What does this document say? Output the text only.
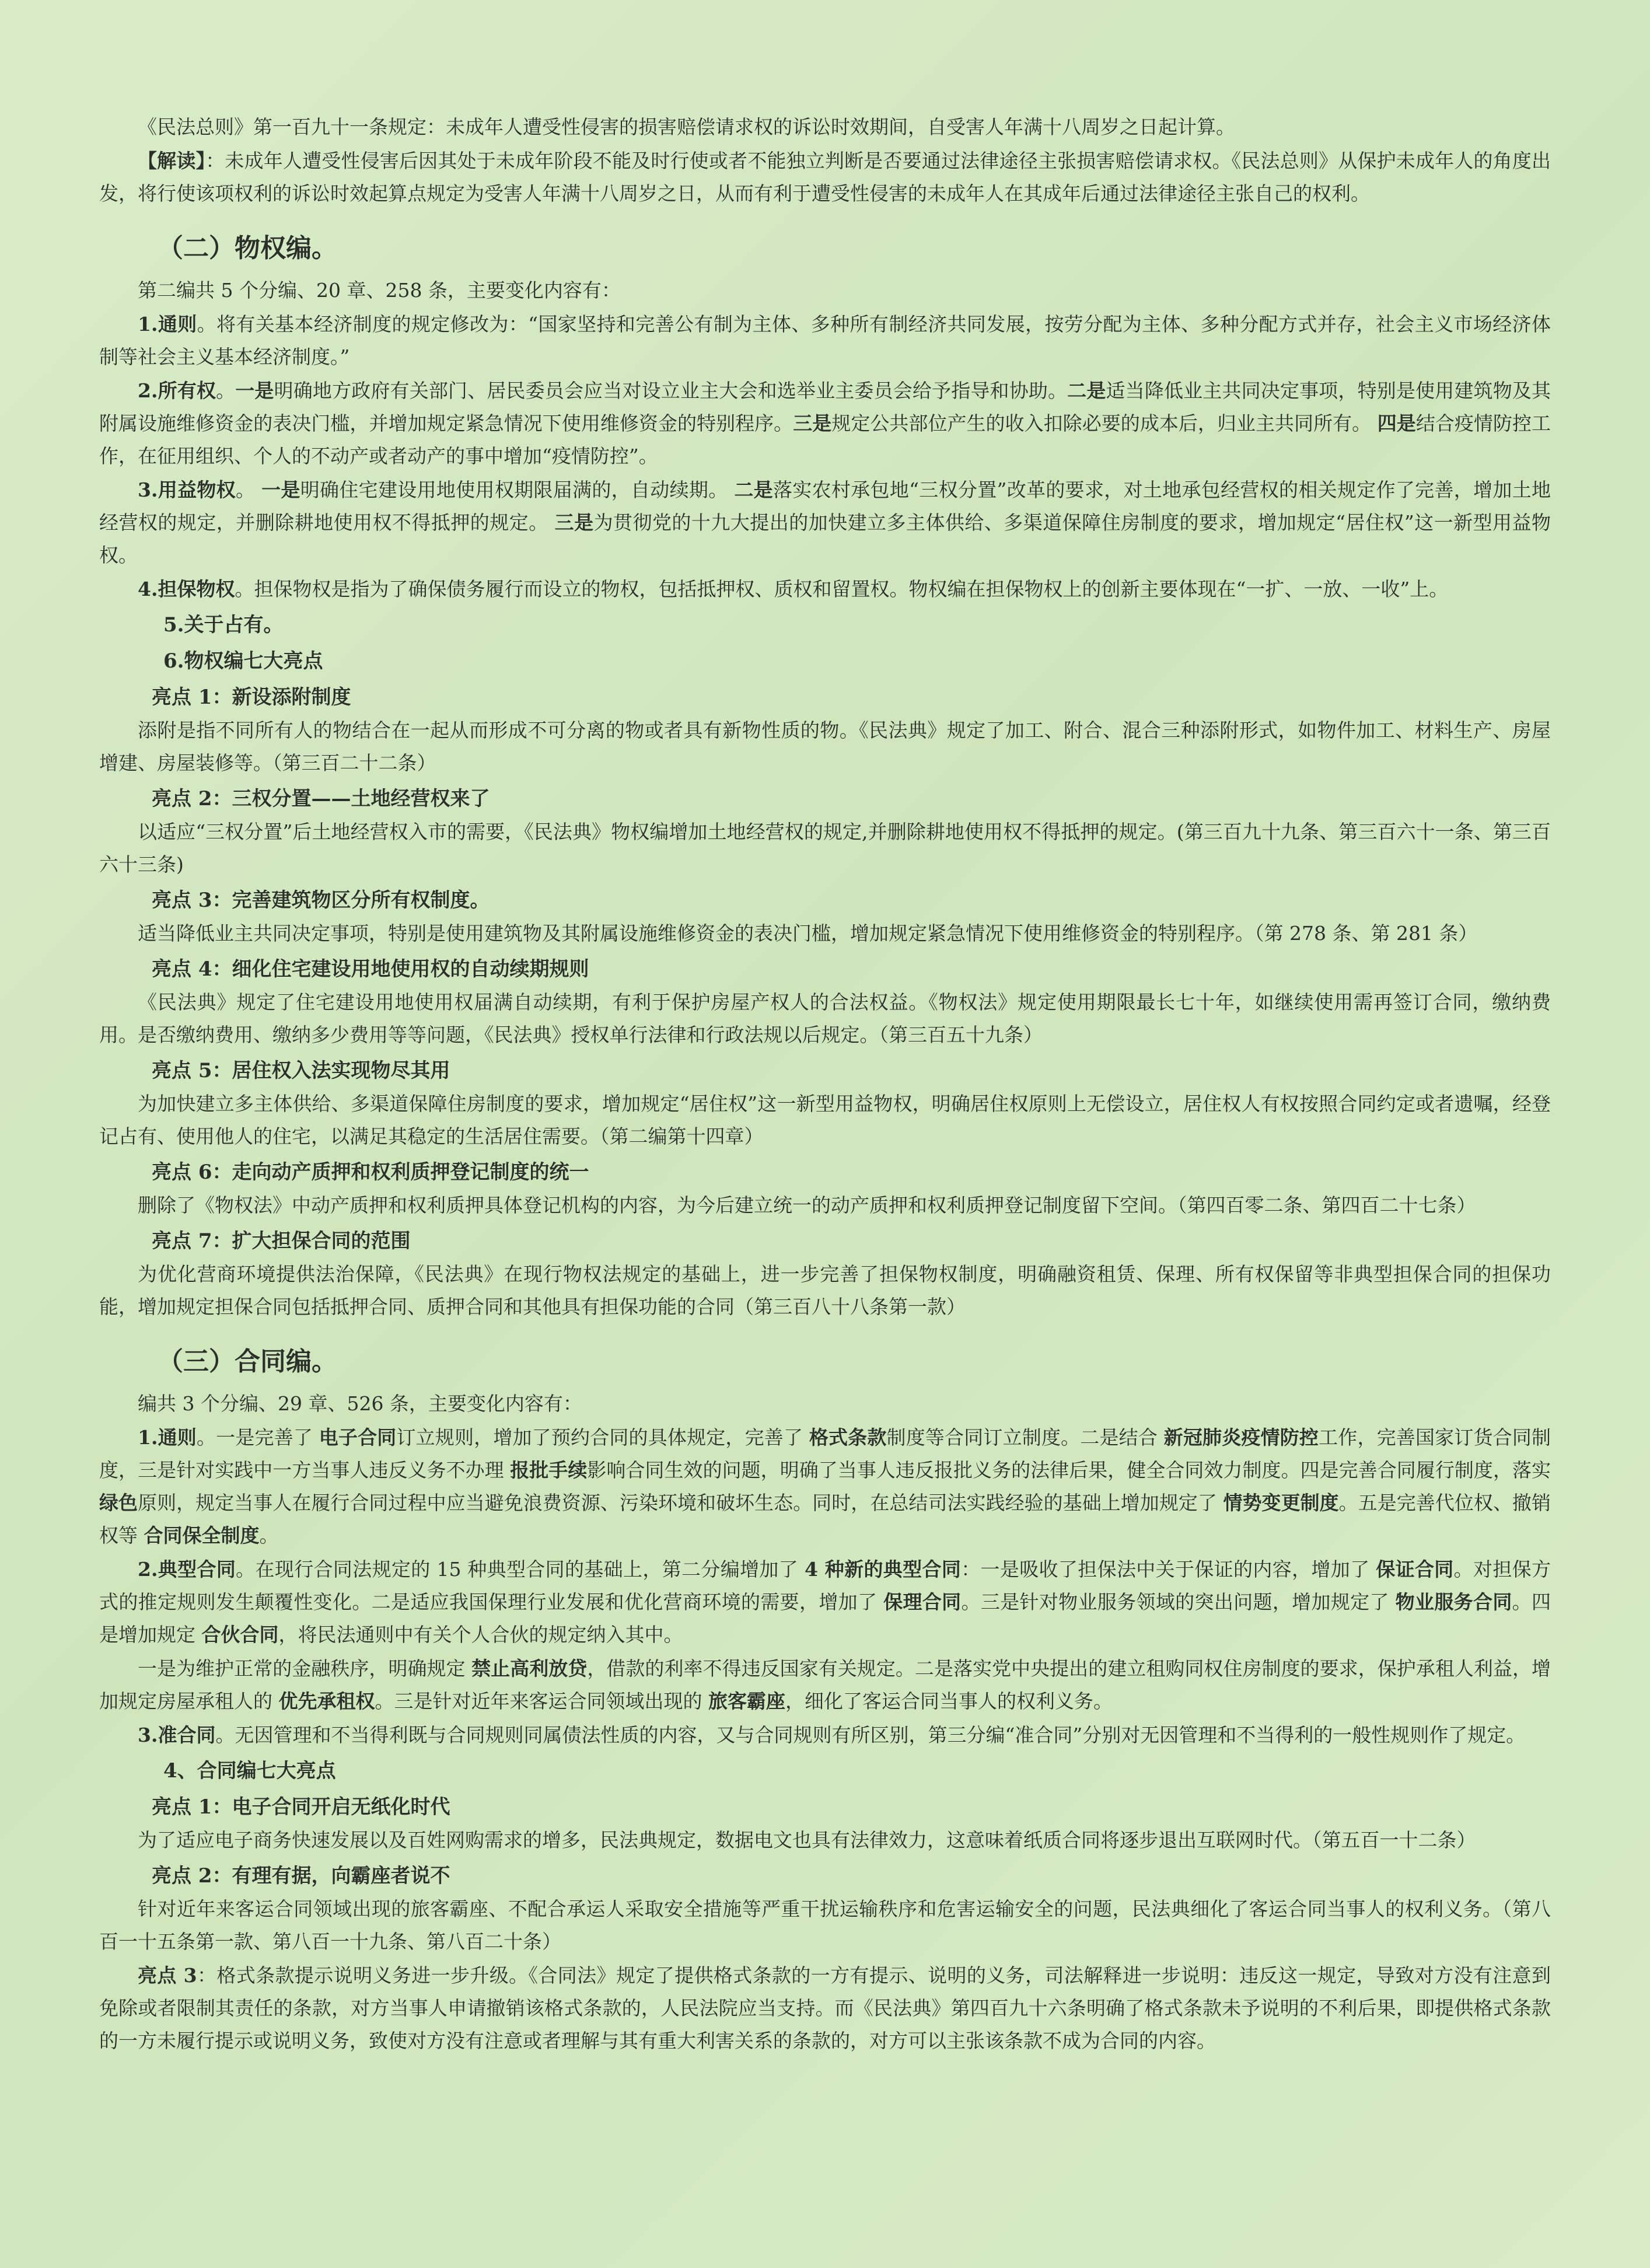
《民法总则》第一百九十一条规定：未成年人遭受性侵害的损害赔偿请求权的诉讼时效期间，自受害人年满十八周岁之日起计算。

【解读】：未成年人遭受性侵害后因其处于未成年阶段不能及时行使或者不能独立判断是否要通过法律途径主张损害赔偿请求权。《民法总则》从保护未成年人的角度出发，将行使该项权利的诉讼时效起算点规定为受害人年满十八周岁之日，从而有利于遭受性侵害的未成年人在其成年后通过法律途径主张自己的权利。

（二）物权编。

第二编共 5 个分编、20 章、258 条，主要变化内容有：

1.通则。将有关基本经济制度的规定修改为：“国家坚持和完善公有制为主体、多种所有制经济共同发展，按劳分配为主体、多种分配方式并存，社会主义市场经济体制等社会主义基本经济制度。”

2.所有权。一是明确地方政府有关部门、居民委员会应当对设立业主大会和选举业主委员会给予指导和协助。二是适当降低业主共同决定事项，特别是使用建筑物及其附属设施维修资金的表决门槛，并增加规定紧急情况下使用维修资金的特别程序。三是规定公共部位产生的收入扣除必要的成本后，归业主共同所有。 四是结合疫情防控工作，在征用组织、个人的不动产或者动产的事中增加“疫情防控”。

3.用益物权。 一是明确住宅建设用地使用权期限届满的，自动续期。 二是落实农村承包地“三权分置”改革的要求，对土地承包经营权的相关规定作了完善，增加土地经营权的规定，并删除耕地使用权不得抵押的规定。 三是为贯彻党的十九大提出的加快建立多主体供给、多渠道保障住房制度的要求，增加规定“居住权”这一新型用益物权。

4.担保物权。担保物权是指为了确保债务履行而设立的物权，包括抵押权、质权和留置权。物权编在担保物权上的创新主要体现在“一扩、一放、一收”上。

5.关于占有。
6.物权编七大亮点
亮点 1：新设添附制度

添附是指不同所有人的物结合在一起从而形成不可分离的物或者具有新物性质的物。《民法典》规定了加工、附合、混合三种添附形式，如物件加工、材料生产、房屋增建、房屋装修等。（第三百二十二条）

亮点 2：三权分置——土地经营权来了

以适应“三权分置”后土地经营权入市的需要，《民法典》物权编增加土地经营权的规定,并删除耕地使用权不得抵押的规定。(第三百九十九条、第三百六十一条、第三百六十三条)

亮点 3：完善建筑物区分所有权制度。

适当降低业主共同决定事项，特别是使用建筑物及其附属设施维修资金的表决门槛，增加规定紧急情况下使用维修资金的特别程序。（第 278 条、第 281 条）

亮点 4：细化住宅建设用地使用权的自动续期规则

《民法典》规定了住宅建设用地使用权届满自动续期，有利于保护房屋产权人的合法权益。《物权法》规定使用期限最长七十年，如继续使用需再签订合同，缴纳费用。是否缴纳费用、缴纳多少费用等等问题，《民法典》授权单行法律和行政法规以后规定。（第三百五十九条）

亮点 5：居住权入法实现物尽其用

为加快建立多主体供给、多渠道保障住房制度的要求，增加规定“居住权”这一新型用益物权，明确居住权原则上无偿设立，居住权人有权按照合同约定或者遗嘱，经登记占有、使用他人的住宅，以满足其稳定的生活居住需要。（第二编第十四章）

亮点 6：走向动产质押和权利质押登记制度的统一

删除了《物权法》中动产质押和权利质押具体登记机构的内容，为今后建立统一的动产质押和权利质押登记制度留下空间。（第四百零二条、第四百二十七条）

亮点 7：扩大担保合同的范围

为优化营商环境提供法治保障，《民法典》在现行物权法规定的基础上，进一步完善了担保物权制度，明确融资租赁、保理、所有权保留等非典型担保合同的担保功能，增加规定担保合同包括抵押合同、质押合同和其他具有担保功能的合同（第三百八十八条第一款）

（三）合同编。

编共 3 个分编、29 章、526 条，主要变化内容有：

1.通则。一是完善了 电子合同订立规则，增加了预约合同的具体规定，完善了 格式条款制度等合同订立制度。二是结合 新冠肺炎疫情防控工作，完善国家订货合同制度，三是针对实践中一方当事人违反义务不办理 报批手续影响合同生效的问题，明确了当事人违反报批义务的法律后果，健全合同效力制度。四是完善合同履行制度，落实 绿色原则，规定当事人在履行合同过程中应当避免浪费资源、污染环境和破坏生态。同时，在总结司法实践经验的基础上增加规定了 情势变更制度。五是完善代位权、撤销权等 合同保全制度。

2.典型合同。在现行合同法规定的 15 种典型合同的基础上，第二分编增加了 4 种新的典型合同：一是吸收了担保法中关于保证的内容，增加了 保证合同。对担保方式的推定规则发生颠覆性变化。二是适应我国保理行业发展和优化营商环境的需要，增加了 保理合同。三是针对物业服务领域的突出问题，增加规定了 物业服务合同。四是增加规定 合伙合同，将民法通则中有关个人合伙的规定纳入其中。

一是为维护正常的金融秩序，明确规定 禁止高利放贷，借款的利率不得违反国家有关规定。二是落实党中央提出的建立租购同权住房制度的要求，保护承租人利益，增加规定房屋承租人的 优先承租权。三是针对近年来客运合同领域出现的 旅客霸座，细化了客运合同当事人的权利义务。

3.准合同。无因管理和不当得利既与合同规则同属债法性质的内容，又与合同规则有所区别，第三分编“准合同”分别对无因管理和不当得利的一般性规则作了规定。

4、合同编七大亮点
亮点 1：电子合同开启无纸化时代

为了适应电子商务快速发展以及百姓网购需求的增多，民法典规定，数据电文也具有法律效力，这意味着纸质合同将逐步退出互联网时代。（第五百一十二条）

亮点 2：有理有据，向霸座者说不

针对近年来客运合同领域出现的旅客霸座、不配合承运人采取安全措施等严重干扰运输秩序和危害运输安全的问题，民法典细化了客运合同当事人的权利义务。（第八百一十五条第一款、第八百一十九条、第八百二十条）

亮点 3：格式条款提示说明义务进一步升级。《合同法》规定了提供格式条款的一方有提示、说明的义务，司法解释进一步说明：违反这一规定，导致对方没有注意到免除或者限制其责任的条款，对方当事人申请撤销该格式条款的，人民法院应当支持。而《民法典》第四百九十六条明确了格式条款未予说明的不利后果，即提供格式条款的一方未履行提示或说明义务，致使对方没有注意或者理解与其有重大利害关系的条款的，对方可以主张该条款不成为合同的内容。
